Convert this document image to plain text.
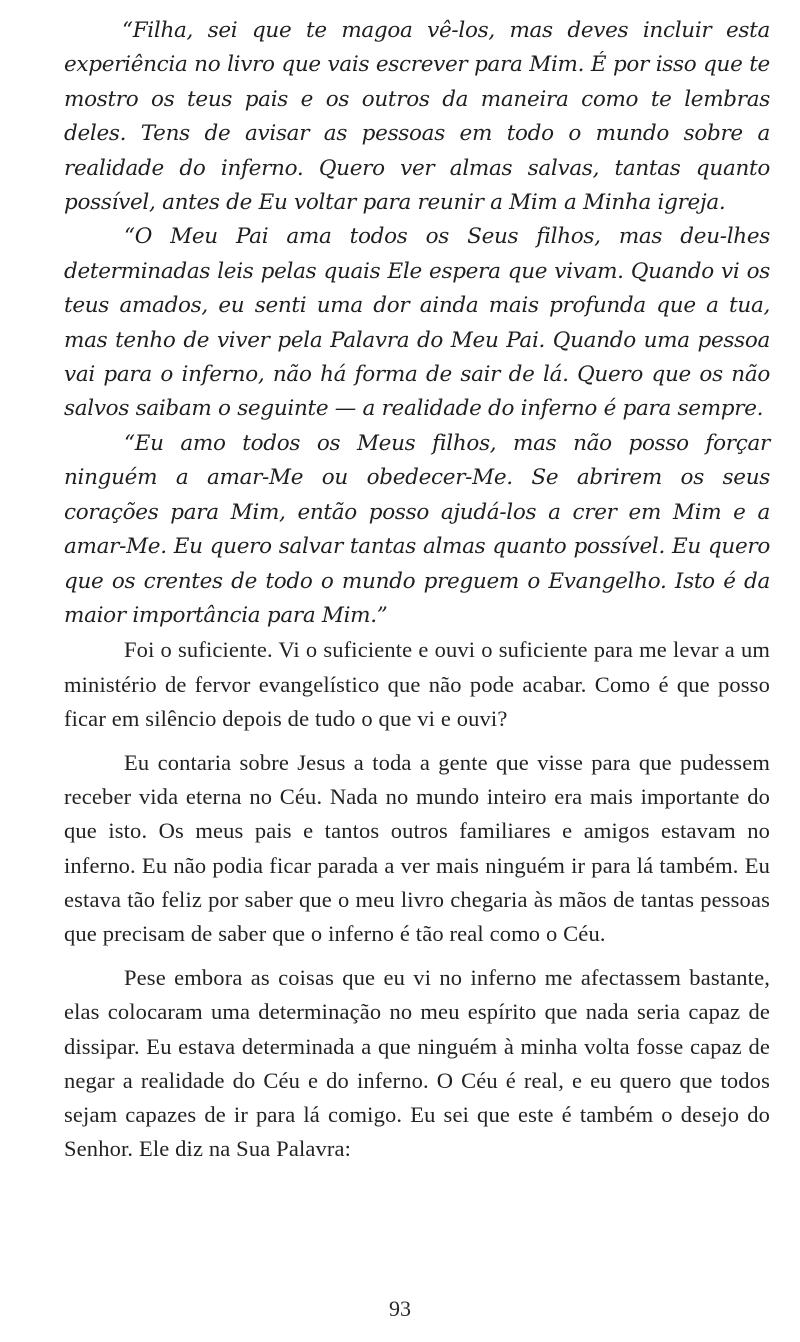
“Filha, sei que te magoa vê-los, mas deves incluir esta experiência no livro que vais escrever para Mim. É por isso que te mostro os teus pais e os outros da maneira como te lembras deles. Tens de avisar as pessoas em todo o mundo sobre a realidade do inferno. Quero ver almas salvas, tantas quanto possível, antes de Eu voltar para reunir a Mim a Minha igreja.

“O Meu Pai ama todos os Seus filhos, mas deu-lhes determinadas leis pelas quais Ele espera que vivam. Quando vi os teus amados, eu senti uma dor ainda mais profunda que a tua, mas tenho de viver pela Palavra do Meu Pai. Quando uma pessoa vai para o inferno, não há forma de sair de lá. Quero que os não salvos saibam o seguinte — a realidade do inferno é para sempre.

“Eu amo todos os Meus filhos, mas não posso forçar ninguém a amar-Me ou obedecer-Me. Se abrirem os seus corações para Mim, então posso ajudá-los a crer em Mim e a amar-Me. Eu quero salvar tantas almas quanto possível. Eu quero que os crentes de todo o mundo preguem o Evangelho. Isto é da maior importância para Mim.”

Foi o suficiente. Vi o suficiente e ouvi o suficiente para me levar a um ministério de fervor evangelístico que não pode acabar. Como é que posso ficar em silêncio depois de tudo o que vi e ouvi?

Eu contaria sobre Jesus a toda a gente que visse para que pudessem receber vida eterna no Céu. Nada no mundo inteiro era mais importante do que isto. Os meus pais e tantos outros familiares e amigos estavam no inferno. Eu não podia ficar parada a ver mais ninguém ir para lá também. Eu estava tão feliz por saber que o meu livro chegaria às mãos de tantas pessoas que precisam de saber que o inferno é tão real como o Céu.

Pese embora as coisas que eu vi no inferno me afectassem bastante, elas colocaram uma determinação no meu espírito que nada seria capaz de dissipar. Eu estava determinada a que ninguém à minha volta fosse capaz de negar a realidade do Céu e do inferno. O Céu é real, e eu quero que todos sejam capazes de ir para lá comigo. Eu sei que este é também o desejo do Senhor. Ele diz na Sua Palavra:

93
